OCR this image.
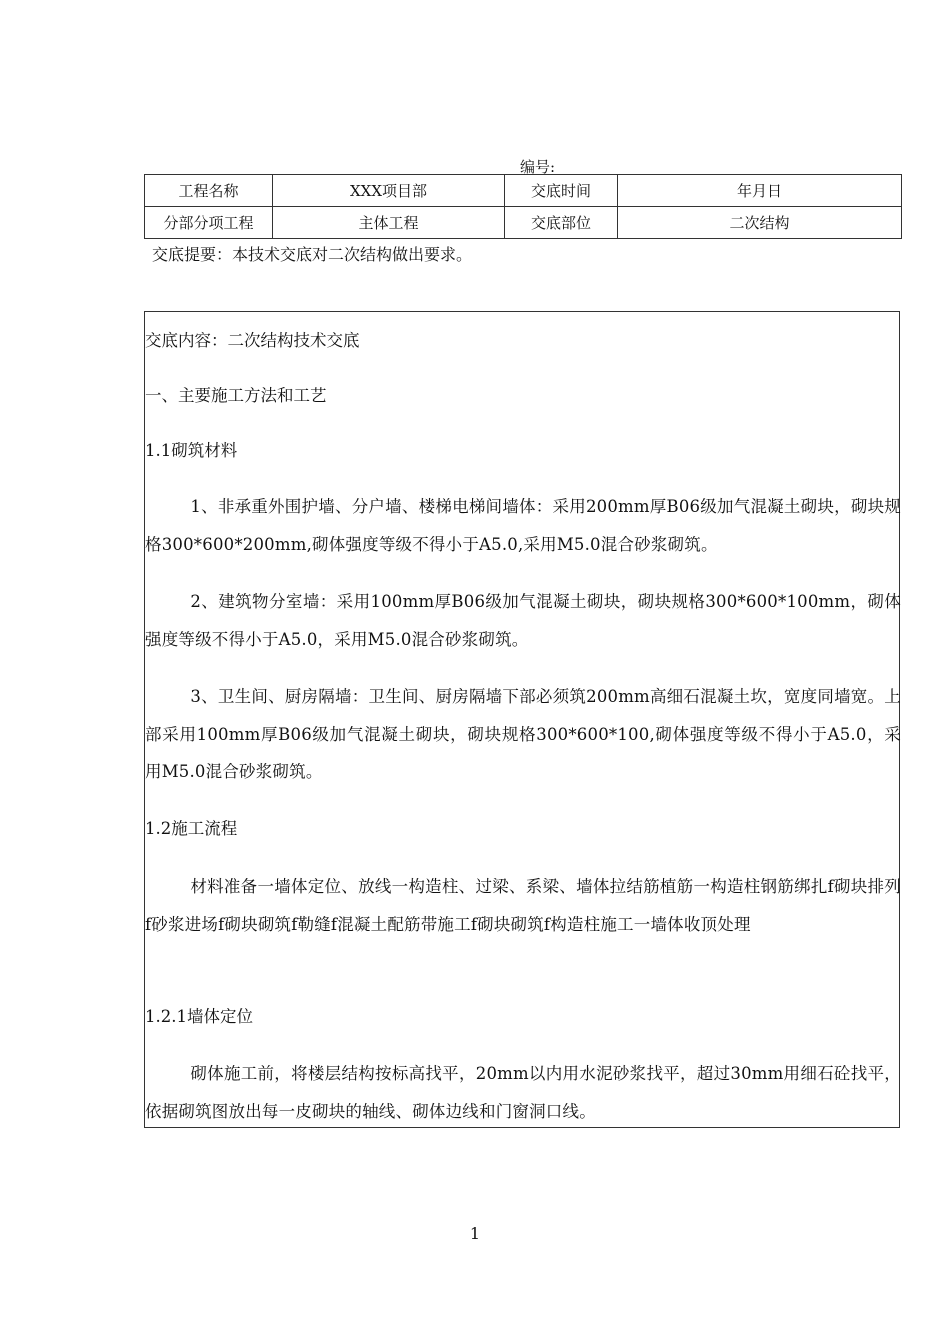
编号:
工程名称	XXX项目部	交底时间	年月日
分部分项工程	主体工程	交底部位	二次结构
交底提要：本技术交底对二次结构做出要求。
交底内容：二次结构技术交底
一、主要施工方法和工艺
1.1砌筑材料
1、非承重外围护墙、分户墙、楼梯电梯间墙体：采用200mm厚B06级加气混凝土砌块，砌块规格300*600*200mm,砌体强度等级不得小于A5.0,采用M5.0混合砂浆砌筑。
2、建筑物分室墙：采用100mm厚B06级加气混凝土砌块，砌块规格300*600*100mm，砌体强度等级不得小于A5.0，采用M5.0混合砂浆砌筑。
3、卫生间、厨房隔墙：卫生间、厨房隔墙下部必须筑200mm高细石混凝土坎，宽度同墙宽。上部采用100mm厚B06级加气混凝土砌块，砌块规格300*600*100,砌体强度等级不得小于A5.0，采用M5.0混合砂浆砌筑。
1.2施工流程
材料准备一墙体定位、放线一构造柱、过梁、系梁、墙体拉结筋植筋一构造柱钢筋绑扎f砌块排列f砂浆进场f砌块砌筑f勒缝f混凝土配筋带施工f砌块砌筑f构造柱施工一墙体收顶处理
1.2.1墙体定位
砌体施工前，将楼层结构按标高找平，20mm以内用水泥砂浆找平，超过30mm用细石砼找平，依据砌筑图放出每一皮砌块的轴线、砌体边线和门窗洞口线。
1
